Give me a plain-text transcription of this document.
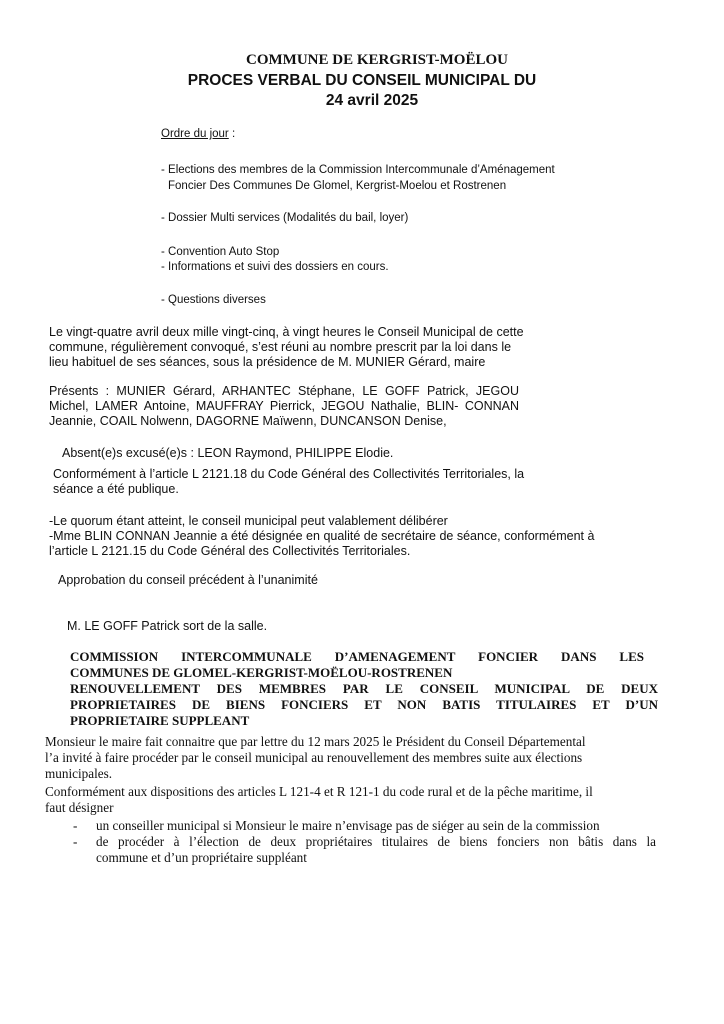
COMMUNE DE KERGRIST-MOËLOU
PROCES VERBAL DU CONSEIL MUNICIPAL DU
24 avril 2025
Ordre du jour :
- Elections des membres de la Commission Intercommunale d’Aménagement
Foncier Des Communes De Glomel, Kergrist-Moelou et Rostrenen
- Dossier Multi services (Modalités du bail, loyer)
- Convention Auto Stop
- Informations et suivi des dossiers en cours.
- Questions diverses
Le vingt-quatre avril deux mille vingt-cinq, à vingt heures le Conseil Municipal de cette
commune, régulièrement convoqué, s’est réuni au nombre prescrit par la loi dans le
lieu habituel de ses séances, sous la présidence de M. MUNIER Gérard, maire
Présents : MUNIER Gérard, ARHANTEC Stéphane, LE GOFF Patrick, JEGOU
Michel, LAMER Antoine, MAUFFRAY Pierrick, JEGOU Nathalie, BLIN- CONNAN
Jeannie, COAIL Nolwenn, DAGORNE Maïwenn, DUNCANSON Denise,
Absent(e)s excusé(e)s : LEON Raymond, PHILIPPE Elodie.
Conformément à l’article L 2121.18 du Code Général des Collectivités Territoriales, la
séance a été publique.
-Le quorum étant atteint, le conseil municipal peut valablement délibérer
-Mme BLIN CONNAN Jeannie a été désignée en qualité de secrétaire de séance, conformément à
l’article L 2121.15 du Code Général des Collectivités Territoriales.
Approbation du conseil précédent à l’unanimité
M. LE GOFF Patrick sort de la salle.
COMMISSION INTERCOMMUNALE D’AMENAGEMENT FONCIER DANS LES
COMMUNES DE GLOMEL-KERGRIST-MOËLOU-ROSTRENEN
RENOUVELLEMENT DES MEMBRES PAR LE CONSEIL MUNICIPAL DE DEUX
PROPRIETAIRES DE BIENS FONCIERS ET NON BATIS TITULAIRES ET D’UN
PROPRIETAIRE SUPPLEANT
Monsieur le maire fait connaitre que par lettre du 12 mars 2025 le Président du Conseil Départemental
l’a invité à faire procéder par le conseil municipal au renouvellement des membres suite aux élections
municipales.
Conformément aux dispositions des articles L 121-4 et R 121-1 du code rural et de la pêche maritime, il
faut désigner
- un conseiller municipal si Monsieur le maire n’envisage pas de siéger au sein de la commission
- de procéder à l’élection de deux propriétaires titulaires de biens fonciers non bâtis dans la
commune et d’un propriétaire suppléant
